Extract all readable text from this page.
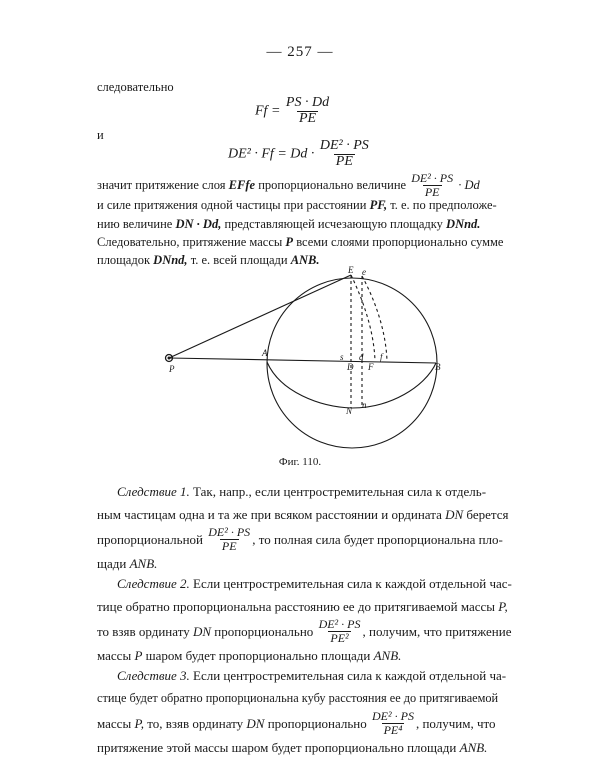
— 257 —
следовательно
$Ff = \frac{PS \cdot Dd}{PE}$
и
$DE^2 \cdot Ff = Dd \cdot \frac{\text{DE² · PS}}{PE}$
значит притяжение слоя
EFfe
пропорционально величине
$\frac{\text{DE² · PS}}{PE}$
· Dd
и силе притяжения одной частицы при расстоянии PF, т. е. по предположе-
нию величине DN · Dd, представляющей исчезающую площадку DNnd.
Следовательно, притяжение массы P всеми слоями пропорционально сумме
площадок DNnd, т. е. всей площади ANB.
P
A
B
E e
s
D F
f
d
N
n
Фиг. 110.
Следствие 1. Так, напр., если центростремительная сила к отдель-
ным частицам одна и та же при всяком расстоянии и ордината DN берется
пропорциональной
$\frac{\text{DE² · PS}}{PE}$ , то полная сила будет пропорциональна пло-
щади ANB.
Следствие 2. Если центростремительная сила к каждой отдельной час-
тице обратно пропорциональна расстоянию ее до притягиваемой массы P,
то взяв ординату
DN
пропорционально
$\frac{\text{DE² · PS}}{\text{PE²}}$ , получим, что притяжение
массы P шаром будет пропорционально площади ANB.
Следствие 3. Если центростремительная сила к каждой отдельной ча-
стице будет обратно пропорциональна кубу расстояния ее до притягиваемой
массы
P,
то, взяв ординату
DN
пропорционально
$\frac{\text{DE² · PS}}{\text{PE⁴}}$ , получим, что
притяжение этой массы шаром будет пропорционально площади ANB.
